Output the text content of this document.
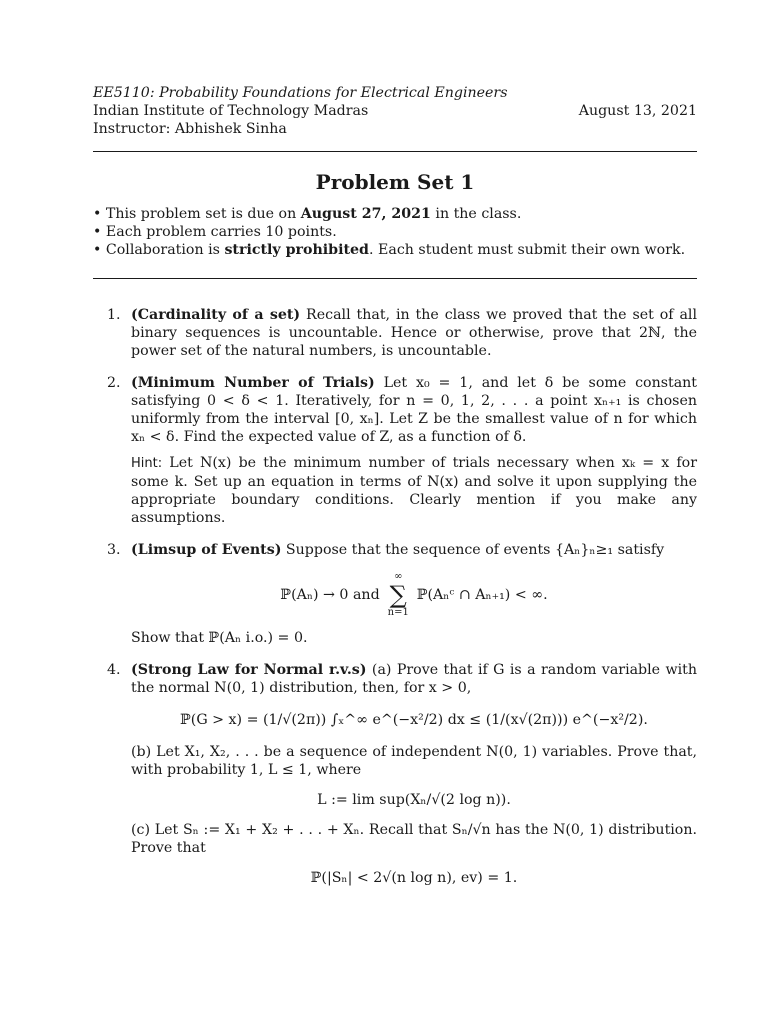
EE5110: Probability Foundations for Electrical Engineers
Indian Institute of Technology Madras	August 13, 2021
Instructor: Abhishek Sinha
Problem Set 1
• This problem set is due on August 27, 2021 in the class.
• Each problem carries 10 points.
• Collaboration is strictly prohibited. Each student must submit their own work.
1. (Cardinality of a set) Recall that, in the class we proved that the set of all binary sequences is uncountable. Hence or otherwise, prove that 2ℕ, the power set of the natural numbers, is uncountable.
2. (Minimum Number of Trials) Let x₀ = 1, and let δ be some constant satisfying 0 < δ < 1. Iteratively, for n = 0, 1, 2, . . . a point xₙ₊₁ is chosen uniformly from the interval [0, xₙ]. Let Z be the smallest value of n for which xₙ < δ. Find the expected value of Z, as a function of δ.
Hint: Let N(x) be the minimum number of trials necessary when xₖ = x for some k. Set up an equation in terms of N(x) and solve it upon supplying the appropriate boundary conditions. Clearly mention if you make any assumptions.
3. (Limsup of Events) Suppose that the sequence of events {Aₙ}ₙ≥₁ satisfy
ℙ(Aₙ) → 0 and
∞
∑
n=1
ℙ(Aₙᶜ ∩ Aₙ₊₁) < ∞.
Show that ℙ(Aₙ i.o.) = 0.
4. (Strong Law for Normal r.v.s) (a) Prove that if G is a random variable with the normal N(0, 1) distribution, then, for x > 0,
ℙ(G > x) = (1/√(2π)) ∫ₓ^∞ e^(−x²/2) dx ≤ (1/(x√(2π))) e^(−x²/2).
(b) Let X₁, X₂, . . . be a sequence of independent N(0, 1) variables. Prove that, with probability 1, L ≤ 1, where
L := lim sup(Xₙ/√(2 log n)).
(c) Let Sₙ := X₁ + X₂ + . . . + Xₙ. Recall that Sₙ/√n has the N(0, 1) distribution. Prove that
ℙ(|Sₙ| < 2√(n log n), ev) = 1.
